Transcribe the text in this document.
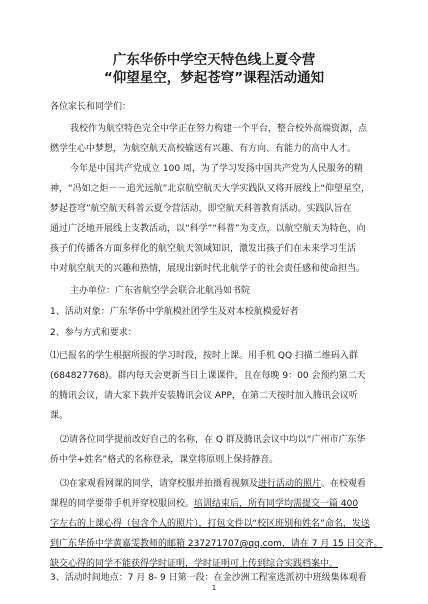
广东华侨中学空天特色线上夏令营
“仰望星空，梦起苍穹”课程活动通知
各位家长和同学们：
我校作为航空特色完全中学正在努力构建一个平台，整合校外高端资源，点
燃学生心中梦想，为航空航天高校输送有兴趣、有方向、有能力的高中人才。
今年是中国共产党成立 100 周，为了学习发扬中国共产党为人民服务的精
神，“冯如之炬－－追光远航”北京航空航天大学实践队又将开展线上“仰望星空，
梦起苍穹”航空航天科普云夏令营活动，即空航天科普教育活动。实践队旨在
通过广泛地开展线上支教活动，以“科学”“科普”为支点，以航空航天为特色，向
孩子们传播各方面多样化的航空航天领域知识，激发出孩子们在未来学习生活
中对航空航天的兴趣和热情，展现出新时代北航学子的社会责任感和使命担当。
主办单位：广东省航空学会联合北航冯如书院
1、活动对象：广东华侨中学航模社团学生及对本校航模爱好者
2、参与方式和要求：
⑴已报名的学生根据所报的学习时段，按时上课。用手机 QQ 扫描二维码入群
(684827768)。群内每天会更新当日上课课件，且在每晚 9：00 会预约第二天
的腾讯会议，请大家下载并安装腾讯会议 APP，在第二天按时加入腾讯会议听
课。
⑵请各位同学提前改好自己的名称，在 Q 群及腾讯会议中均以“广州市广东华
侨中学+姓名”格式的名称登录，课堂将原则上保持静音。
⑶在家观看网课的同学，请穿校服并拍摄看视频及进行活动的照片。在校观看
课程的同学要带手机并穿校服回校。培训结束后，所有同学均需提交一篇 400
字左右的上课心得（包含个人的照片），打包文件以“校区班别和姓名”命名，发送
到广东华侨中学黄嘉雯教师的邮箱 237271707@qq.com，请在 7 月 15 日交齐。
缺交心得的同学不能获得学时证明，学时证明可上传到综合实践档案中。
3、活动时间地点：7 月 8- 9 日第一段：在金沙洲工程室选派初中班级集体观看
1
